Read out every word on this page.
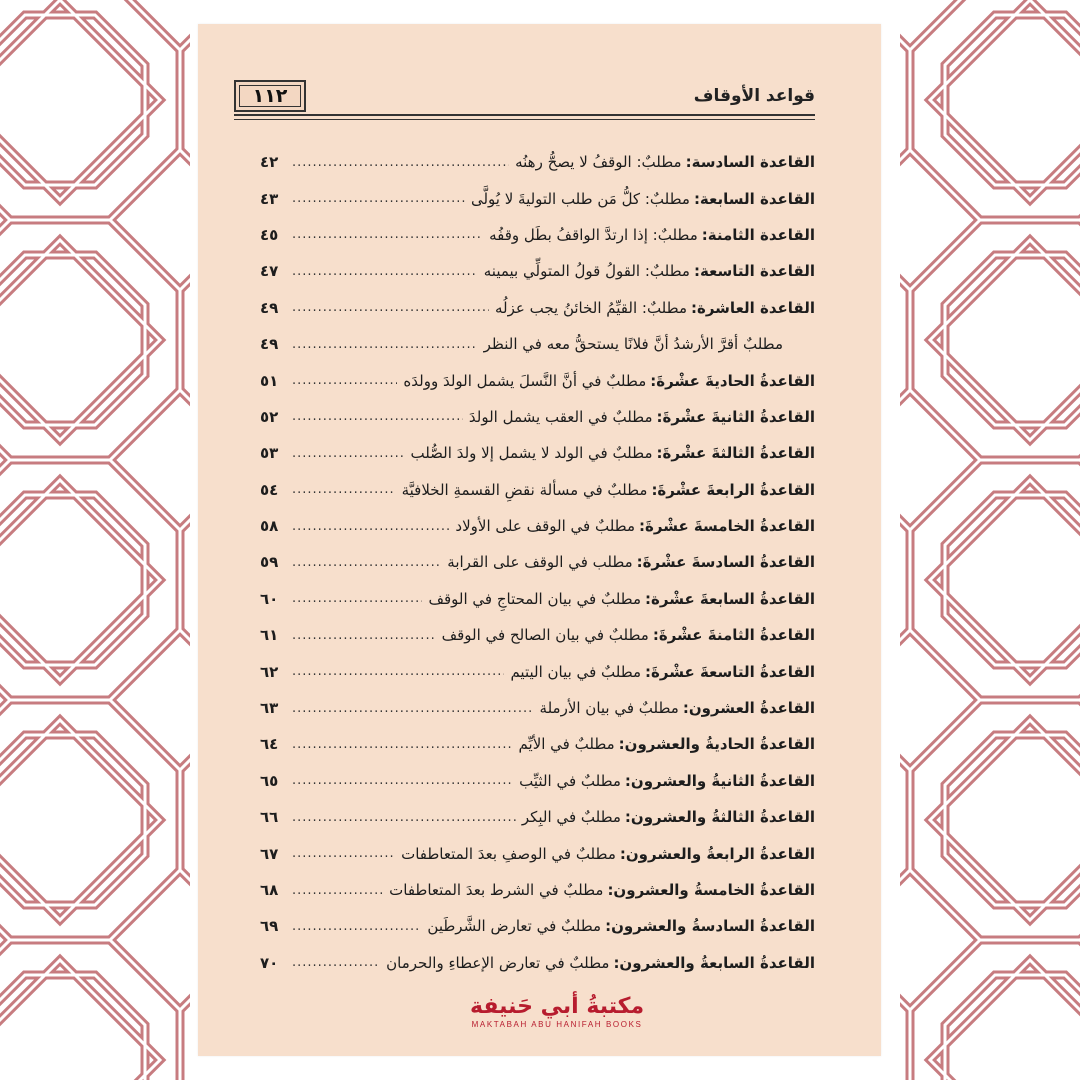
١١٢	قواعد الأوقاف
القاعدة السادسة:
مطلبٌ: الوقفُ لا يصحُّ رهنُه
.....
٤٢
القاعدة السابعة:
مطلبٌ: كلُّ مَن طلب التوليةَ لا يُولَّى
.....
٤٣
القاعدة الثامنة:
مطلبٌ: إذا ارتدَّ الواقفُ بطَل وقفُه
.....
٤٥
القاعدة التاسعة:
مطلبٌ: القولُ قولُ المتولِّي بيمينه
.....
٤٧
القاعدة العاشرة:
مطلبٌ: القيِّمُ الخائنُ يجب عزلُه
.....
٤٩
مطلبٌ أقرَّ الأرشدُ أنَّ فلانًا يستحقُّ معه في النظر
.....
٤٩
القاعدةُ الحاديةَ عشْرةَ:
مطلبٌ في أنَّ النَّسلَ يشمل الولدَ وولدَه
.....
٥١
القاعدةُ الثانيةَ عشْرةَ:
مطلبٌ في العقب يشمل الولدَ
.....
٥٢
القاعدةُ الثالثةَ عشْرةَ:
مطلبٌ في الولد لا يشمل إلا ولدَ الصُّلب
.....
٥٣
القاعدةُ الرابعةَ عشْرةَ:
مطلبٌ في مسألة نقضِ القسمةِ الخلافيَّة
.....
٥٤
القاعدةُ الخامسةَ عشْرةَ:
مطلبٌ في الوقف على الأولاد
.....
٥٨
القاعدةُ السادسةَ عشْرةَ:
مطلب في الوقف على القرابة
.....
٥٩
القاعدةُ السابعةَ عشْرة:
مطلبٌ في بيان المحتاجِ في الوقف
.....
٦٠
القاعدةُ الثامنةَ عشْرةَ:
مطلبٌ في بيان الصالح في الوقف
.....
٦١
القاعدةُ التاسعةَ عشْرةَ:
مطلبٌ في بيان اليتيم
.....
٦٢
القاعدةُ العشرون:
مطلبٌ في بيان الأرملة
.....
٦٣
القاعدةُ الحاديةُ والعشرون:
مطلبٌ في الأيِّم
.....
٦٤
القاعدةُ الثانيةُ والعشرون:
مطلبٌ في الثيِّب
.....
٦٥
القاعدةُ الثالثةُ والعشرون:
مطلبٌ في البِكر
.....
٦٦
القاعدةُ الرابعةُ والعشرون:
مطلبٌ في الوصفِ بعدَ المتعاطفات
.....
٦٧
القاعدةُ الخامسةُ والعشرون:
مطلبٌ في الشرط بعدَ المتعاطفات
.....
٦٨
القاعدةُ السادسةُ والعشرون:
مطلبٌ في تعارض الشَّرطَين
.....
٦٩
القاعدةُ السابعةُ والعشرون:
مطلبٌ في تعارض الإعطاءِ والحرمان
.....
٧٠
مكتبةُ أبي حَنيفة
MAKTABAH ABU HANIFAH BOOKS
